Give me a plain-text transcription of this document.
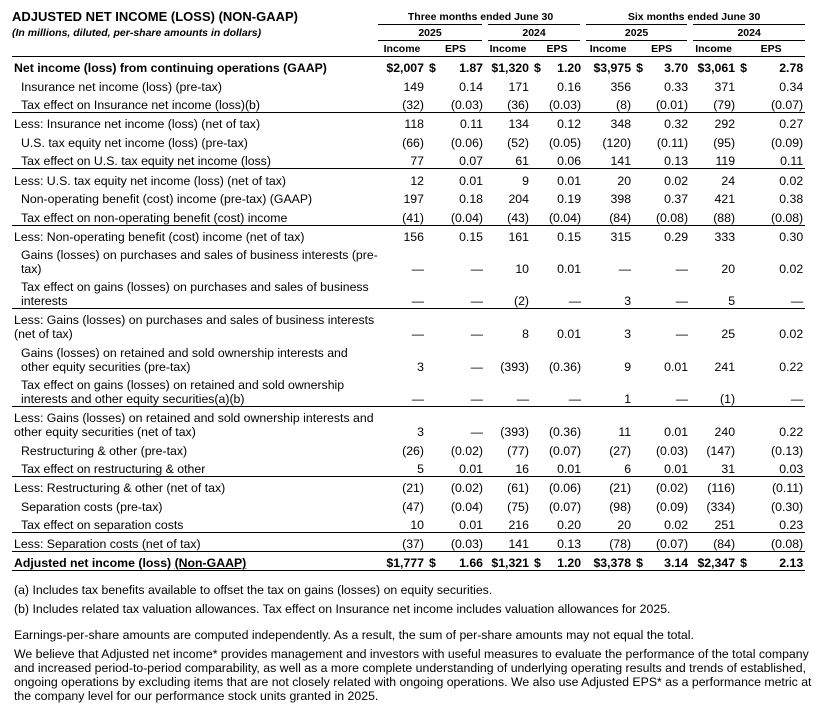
ADJUSTED NET INCOME (LOSS) (NON-GAAP)	Three months ended June 30						Six months ended June 30					
(In millions, diluted, per-share amounts in dollars)	2025			2024			2025			2024		
	Income	EPS		Income	EPS		Income	EPS		Income	EPS	
Net income (loss) from continuing operations (GAAP)	$2,007	$	1.87	$1,320	$	1.20	$3,975	$	3.70	$3,061	$	2.78
Insurance net income (loss) (pre-tax)	149		0.14	171		0.16	356		0.33	371		0.34
Tax effect on Insurance net income (loss)(b)	(32)		(0.03)	(36)		(0.03)	(8)		(0.01)	(79)		(0.07)
Less: Insurance net income (loss) (net of tax)	118		0.11	134		0.12	348		0.32	292		0.27
U.S. tax equity net income (loss) (pre-tax)	(66)		(0.06)	(52)		(0.05)	(120)		(0.11)	(95)		(0.09)
Tax effect on U.S. tax equity net income (loss)	77		0.07	61		0.06	141		0.13	119		0.11
Less: U.S. tax equity net income (loss) (net of tax)	12		0.01	9		0.01	20		0.02	24		0.02
Non-operating benefit (cost) income (pre-tax) (GAAP)	197		0.18	204		0.19	398		0.37	421		0.38
Tax effect on non-operating benefit (cost) income	(41)		(0.04)	(43)		(0.04)	(84)		(0.08)	(88)		(0.08)
Less: Non-operating benefit (cost) income (net of tax)	156		0.15	161		0.15	315		0.29	333		0.30
Gains (losses) on purchases and sales of business interests (pre-tax)	—		—	10		0.01	—		—	20		0.02
Tax effect on gains (losses) on purchases and sales of business interests	—		—	(2)		—	3		—	5		—
Less: Gains (losses) on purchases and sales of business interests (net of tax)	—		—	8		0.01	3		—	25		0.02
Gains (losses) on retained and sold ownership interests and other equity securities (pre-tax)	3		—	(393)		(0.36)	9		0.01	241		0.22
Tax effect on gains (losses) on retained and sold ownership interests and other equity securities(a)(b)	—		—	—		—	1		—	(1)		—
Less: Gains (losses) on retained and sold ownership interests and other equity securities (net of tax)	3		—	(393)		(0.36)	11		0.01	240		0.22
Restructuring & other (pre-tax)	(26)		(0.02)	(77)		(0.07)	(27)		(0.03)	(147)		(0.13)
Tax effect on restructuring & other	5		0.01	16		0.01	6		0.01	31		0.03
Less: Restructuring & other (net of tax)	(21)		(0.02)	(61)		(0.06)	(21)		(0.02)	(116)		(0.11)
Separation costs (pre-tax)	(47)		(0.04)	(75)		(0.07)	(98)		(0.09)	(334)		(0.30)
Tax effect on separation costs	10		0.01	216		0.20	20		0.02	251		0.23
Less: Separation costs (net of tax)	(37)		(0.03)	141		0.13	(78)		(0.07)	(84)		(0.08)
Adjusted net income (loss) (Non-GAAP)	$1,777	$	1.66	$1,321	$	1.20	$3,378	$	3.14	$2,347	$	2.13

(a) Includes tax benefits available to offset the tax on gains (losses) on equity securities.

(b) Includes related tax valuation allowances. Tax effect on Insurance net income includes valuation allowances for 2025.

Earnings-per-share amounts are computed independently. As a result, the sum of per-share amounts may not equal the total.

We believe that Adjusted net income* provides management and investors with useful measures to evaluate the performance of the total company and increased period-to-period comparability, as well as a more complete understanding of underlying operating results and trends of established, ongoing operations by excluding items that are not closely related with ongoing operations. We also use Adjusted EPS* as a performance metric at the company level for our performance stock units granted in 2025.
